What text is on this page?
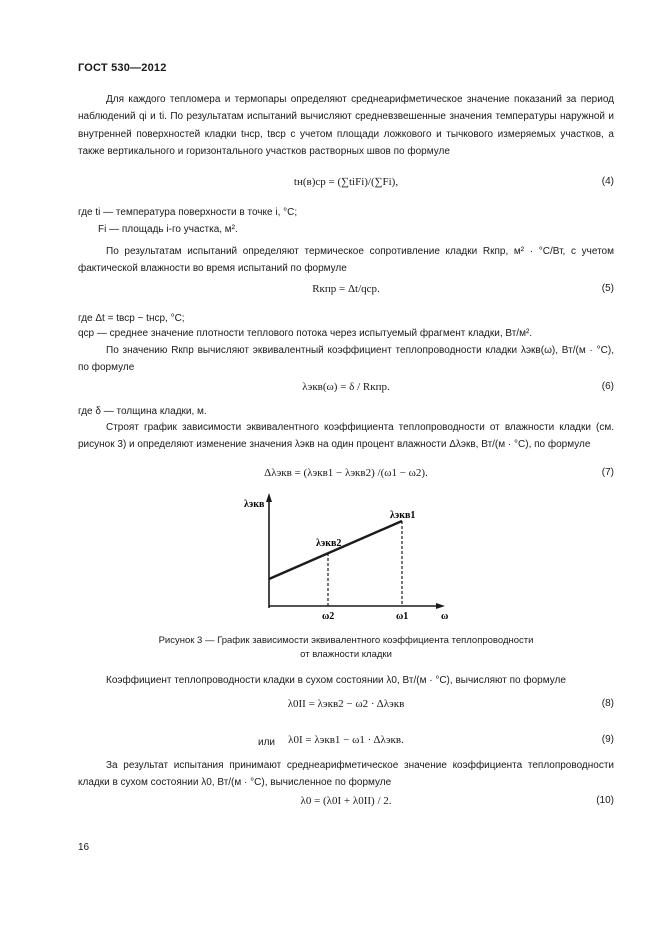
ГОСТ 530—2012
Для каждого тепломера и термопары определяют среднеарифметическое значение показаний за период наблюдений qi и ti. По результатам испытаний вычисляют средневзвешенные значения температуры наружной и внутренней поверхностей кладки tнср, tвср с учетом площади ложкового и тычкового измеряемых участков, а также вертикального и горизонтального участков растворных швов по формуле
tн(в)ср = (∑tiFi)/(∑Fi),	(4)
где ti — температура поверхности в точке i, °С;
Fi — площадь i-го участка, м².
По результатам испытаний определяют термическое сопротивление кладки Rкпр, м² · °С/Вт, с учетом фактической влажности во время испытаний по формуле
Rкпр = Δt/qср.	(5)
где Δt = tвср − tнср, °С;
qср — среднее значение плотности теплового потока через испытуемый фрагмент кладки, Вт/м².
По значению Rкпр вычисляют эквивалентный коэффициент теплопроводности кладки λэкв(ω), Вт/(м · °С), по формуле
λэкв(ω) = δ / Rкпр.	(6)
где δ — толщина кладки, м.
Строят график зависимости эквивалентного коэффициента теплопроводности от влажности кладки (см. рисунок 3) и определяют изменение значения λэкв на один процент влажности Δλэкв, Вт/(м · °С), по формуле
Δλэкв = (λэкв1 − λэкв2) /(ω1 − ω2).	(7)
λэкв
ω
λэкв1
λэкв2
ω2	ω1
Рисунок 3 — График зависимости эквивалентного коэффициента теплопроводности
от влажности кладки
Коэффициент теплопроводности кладки в сухом состоянии λ0, Вт/(м · °С), вычисляют по формуле
λ0II = λэкв2 − ω2 · Δλэкв	(8)
или	λ0I = λэкв1 − ω1 · Δλэкв.	(9)
За результат испытания принимают среднеарифметическое значение коэффициента теплопроводности кладки в сухом состоянии λ0, Вт/(м · °С), вычисленное по формуле
λ0 = (λ0I + λ0II) / 2.	(10)
16
